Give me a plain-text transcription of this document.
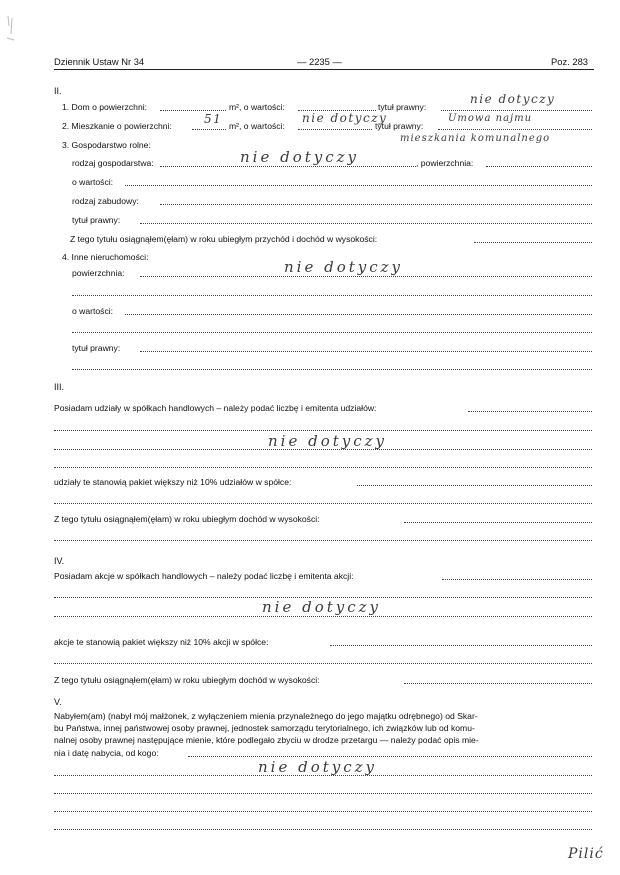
Dziennik Ustaw Nr 34	— 2235 —	Poz. 283
II.
1. Dom o powierzchni:	m², o wartości:	tytuł prawny:
nie dotyczy
2. Mieszkanie o powierzchni:	51 m², o wartości:
nie dotyczy
tytuł prawny:
Umowa najmu
mieszkania komunalnego
3. Gospodarstwo rolne:
rodzaj gospodarstwa:	nie dotyczy	, powierzchnia:
o wartości:
rodzaj zabudowy:
tytuł prawny:
Z tego tytułu osiągnąłem(ęłam) w roku ubiegłym przychód i dochód w wysokości:
4. Inne nieruchomości:
powierzchnia:	nie dotyczy
o wartości:
tytuł prawny:
III.
Posiadam udziały w spółkach handlowych – należy podać liczbę i emitenta udziałów:
nie dotyczy
udziały te stanowią pakiet większy niż 10% udziałów w spółce:
Z tego tytułu osiągnąłem(ęłam) w roku ubiegłym dochód w wysokości:
IV.
Posiadam akcje w spółkach handlowych – należy podać liczbę i emitenta akcji:
nie dotyczy
akcje te stanowią pakiet większy niż 10% akcji w spółce:
Z tego tytułu osiągnąłem(ęłam) w roku ubiegłym dochód w wysokości:
V.
Nabyłem(am) (nabył mój małżonek, z wyłączeniem mienia przynależnego do jego majątku odrębnego) od Skar-
bu Państwa, innej państwowej osoby prawnej, jednostek samorządu terytorialnego, ich związków lub od komu-
nalnej osoby prawnej następujące mienie, które podlegało zbyciu w drodze przetargu — należy podać opis mie-
nia i datę nabycia, od kogo:
nie dotyczy
Pilić
